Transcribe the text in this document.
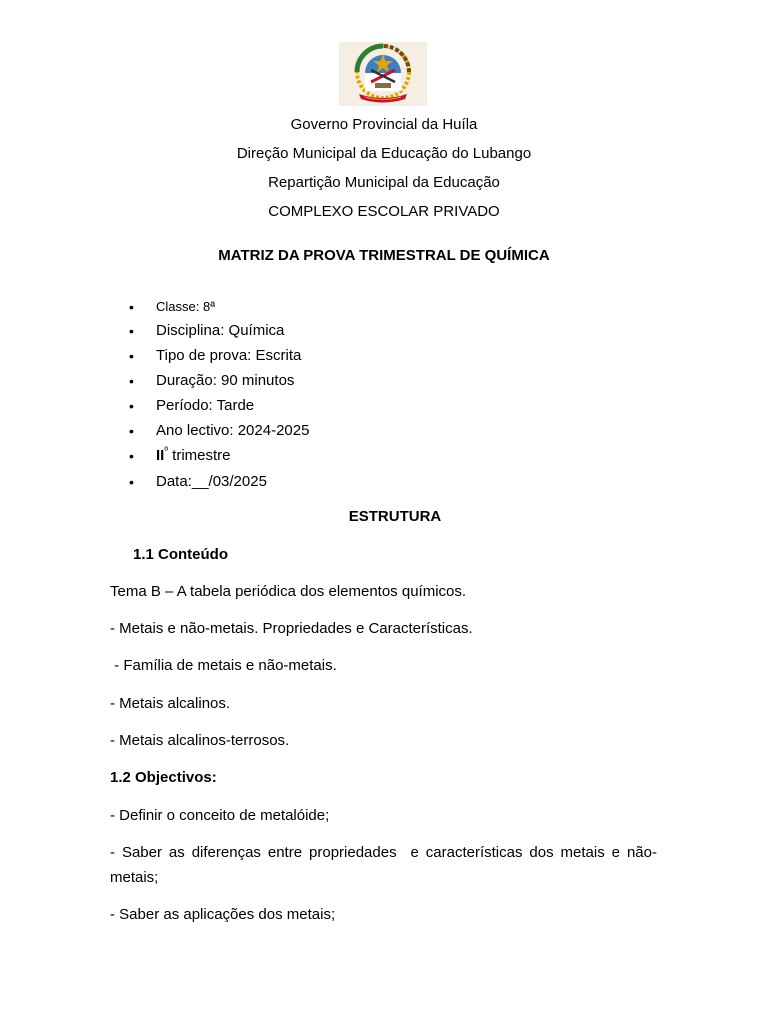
Governo Provincial da Huíla
Direção Municipal da Educação do Lubango
Repartição Municipal da Educação
COMPLEXO ESCOLAR PRIVADO
MATRIZ DA PROVA TRIMESTRAL DE QUÍMICA
• Classe: 8ª
• Disciplina: Química
• Tipo de prova: Escrita
• Duração: 90 minutos
• Período: Tarde
• Ano lectivo: 2024-2025
• $II^º$ trimestre
• Data:__/03/2025
ESTRUTURA
1.1 Conteúdo
Tema B – A tabela periódica dos elementos químicos.
- Metais e não-metais. Propriedades e Características.
- Família de metais e não-metais.
- Metais alcalinos.
- Metais alcalinos-terrosos.
1.2 Objectivos:
- Definir o conceito de metalóide;
- Saber as diferenças entre propriedades  e características dos metais e não-metais;
- Saber as aplicações dos metais;
